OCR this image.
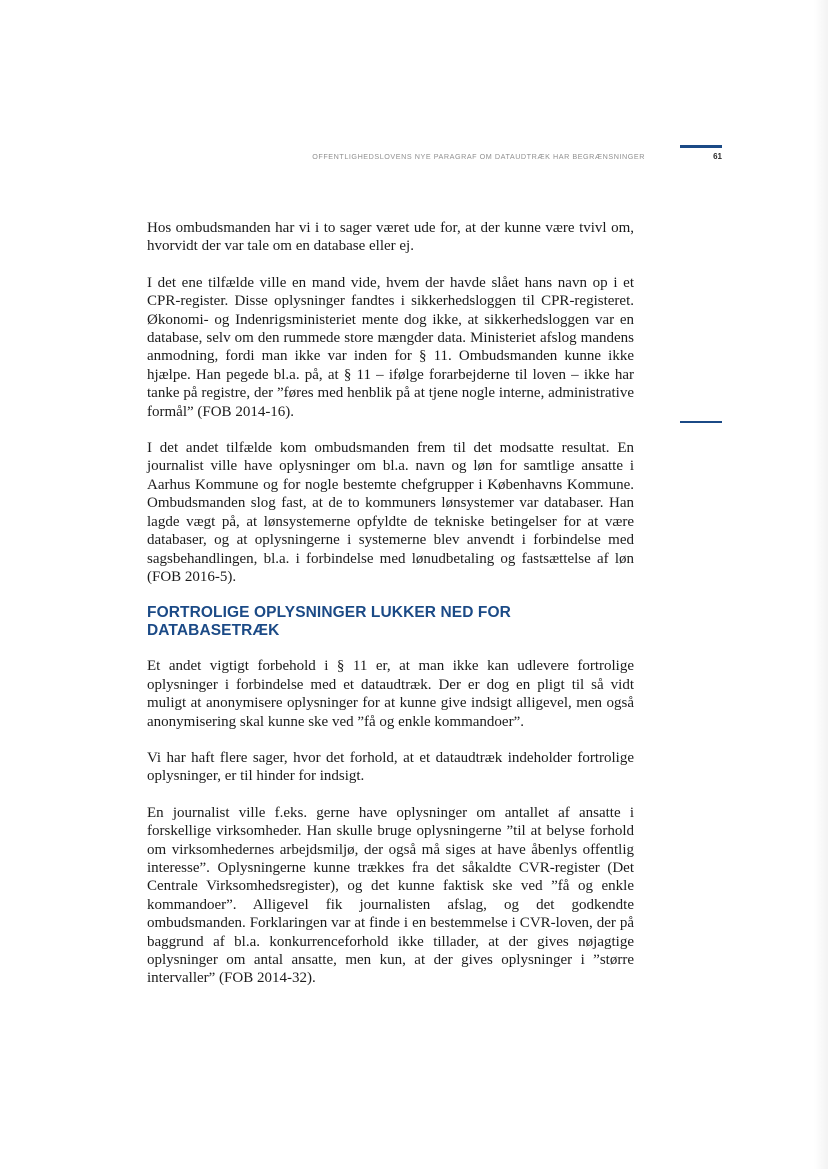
OFFENTLIGHEDSLOVENS NYE PARAGRAF OM DATAUDTRÆK HAR BEGRÆNSNINGER	61

Hos ombudsmanden har vi i to sager været ude for, at der kunne være tvivl om, hvorvidt der var tale om en database eller ej.

I det ene tilfælde ville en mand vide, hvem der havde slået hans navn op i et CPR-register. Disse oplysninger fandtes i sikkerhedsloggen til CPR-registeret. Økonomi- og Indenrigsministeriet mente dog ikke, at sikkerhedsloggen var en database, selv om den rummede store mængder data. Ministeriet afslog mandens anmodning, fordi man ikke var inden for § 11. Ombudsmanden kunne ikke hjælpe. Han pegede bl.a. på, at § 11 – ifølge forarbejderne til loven – ikke har tanke på registre, der ”føres med henblik på at tjene nogle interne, administrative formål” (FOB 2014-16).

I det andet tilfælde kom ombudsmanden frem til det modsatte resultat. En journalist ville have oplysninger om bl.a. navn og løn for samtlige ansatte i Aarhus Kommune og for nogle bestemte chefgrupper i Københavns Kommune. Ombudsmanden slog fast, at de to kommuners lønsystemer var databaser. Han lagde vægt på, at lønsystemerne opfyldte de tekniske betingelser for at være databaser, og at oplysningerne i systemerne blev anvendt i forbindelse med sagsbehandlingen, bl.a. i forbindelse med lønudbetaling og fastsættelse af løn (FOB 2016-5).

FORTROLIGE OPLYSNINGER LUKKER NED FOR DATABASETRÆK

Et andet vigtigt forbehold i § 11 er, at man ikke kan udlevere fortrolige oplysninger i forbindelse med et dataudtræk. Der er dog en pligt til så vidt muligt at anonymisere oplysninger for at kunne give indsigt alligevel, men også anonymisering skal kunne ske ved ”få og enkle kommandoer”.

Vi har haft flere sager, hvor det forhold, at et dataudtræk indeholder fortrolige oplysninger, er til hinder for indsigt.

En journalist ville f.eks. gerne have oplysninger om antallet af ansatte i forskellige virksomheder. Han skulle bruge oplysningerne ”til at belyse forhold om virksomhedernes arbejdsmiljø, der også må siges at have åbenlys offentlig interesse”. Oplysningerne kunne trækkes fra det såkaldte CVR-register (Det Centrale Virksomhedsregister), og det kunne faktisk ske ved ”få og enkle kommandoer”. Alligevel fik journalisten afslag, og det godkendte ombudsmanden. Forklaringen var at finde i en bestemmelse i CVR-loven, der på baggrund af bl.a. konkurrenceforhold ikke tillader, at der gives nøjagtige oplysninger om antal ansatte, men kun, at der gives oplysninger i ”større intervaller” (FOB 2014-32).
